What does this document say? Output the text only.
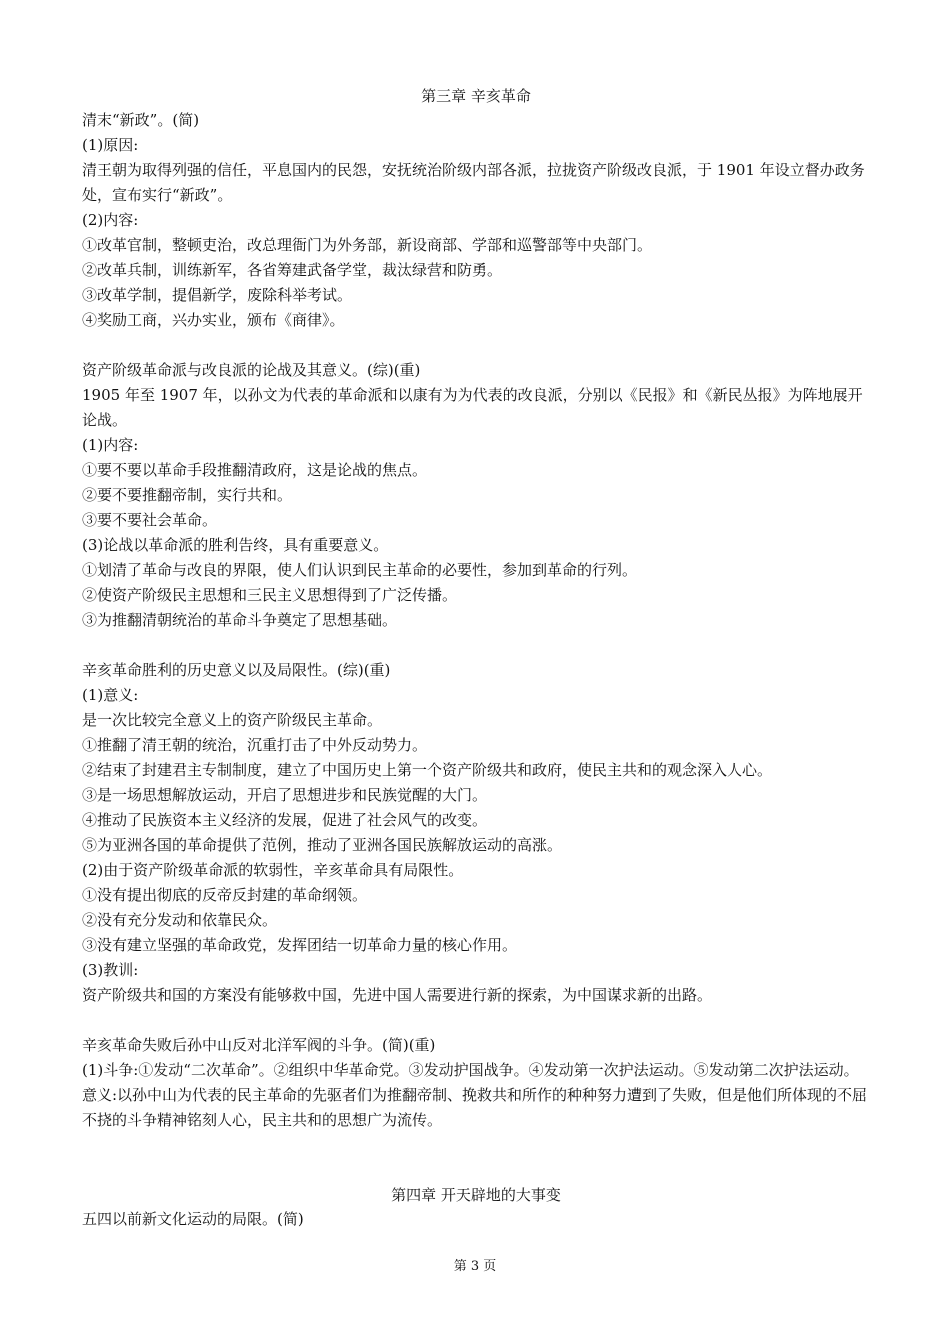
第三章 辛亥革命
清末“新政”。(简)
(1)原因:
清王朝为取得列强的信任，平息国内的民怨，安抚统治阶级内部各派，拉拢资产阶级改良派，于 1901 年设立督办政务处，宣布实行“新政”。
(2)内容:
①改革官制，整顿吏治，改总理衙门为外务部，新设商部、学部和巡警部等中央部门。
②改革兵制，训练新军，各省筹建武备学堂，裁汰绿营和防勇。
③改革学制，提倡新学，废除科举考试。
④奖励工商，兴办实业，颁布《商律》。
资产阶级革命派与改良派的论战及其意义。(综)(重)
1905 年至 1907 年，以孙文为代表的革命派和以康有为为代表的改良派，分别以《民报》和《新民丛报》为阵地展开论战。
(1)内容:
①要不要以革命手段推翻清政府，这是论战的焦点。
②要不要推翻帝制，实行共和。
③要不要社会革命。
(3)论战以革命派的胜利告终，具有重要意义。
①划清了革命与改良的界限，使人们认识到民主革命的必要性，参加到革命的行列。
②使资产阶级民主思想和三民主义思想得到了广泛传播。
③为推翻清朝统治的革命斗争奠定了思想基础。
辛亥革命胜利的历史意义以及局限性。(综)(重)
(1)意义:
是一次比较完全意义上的资产阶级民主革命。
①推翻了清王朝的统治，沉重打击了中外反动势力。
②结束了封建君主专制制度，建立了中国历史上第一个资产阶级共和政府，使民主共和的观念深入人心。
③是一场思想解放运动，开启了思想进步和民族觉醒的大门。
④推动了民族资本主义经济的发展，促进了社会风气的改变。
⑤为亚洲各国的革命提供了范例，推动了亚洲各国民族解放运动的高涨。
(2)由于资产阶级革命派的软弱性，辛亥革命具有局限性。
①没有提出彻底的反帝反封建的革命纲领。
②没有充分发动和依靠民众。
③没有建立坚强的革命政党，发挥团结一切革命力量的核心作用。
(3)教训:
资产阶级共和国的方案没有能够救中国，先进中国人需要进行新的探索，为中国谋求新的出路。
辛亥革命失败后孙中山反对北洋军阀的斗争。(简)(重)
(1)斗争:①发动“二次革命”。②组织中华革命党。③发动护国战争。④发动第一次护法运动。⑤发动第二次护法运动。
意义:以孙中山为代表的民主革命的先驱者们为推翻帝制、挽救共和所作的种种努力遭到了失败，但是他们所体现的不屈不挠的斗争精神铭刻人心，民主共和的思想广为流传。
第四章 开天辟地的大事变
五四以前新文化运动的局限。(简)
第 3 页
